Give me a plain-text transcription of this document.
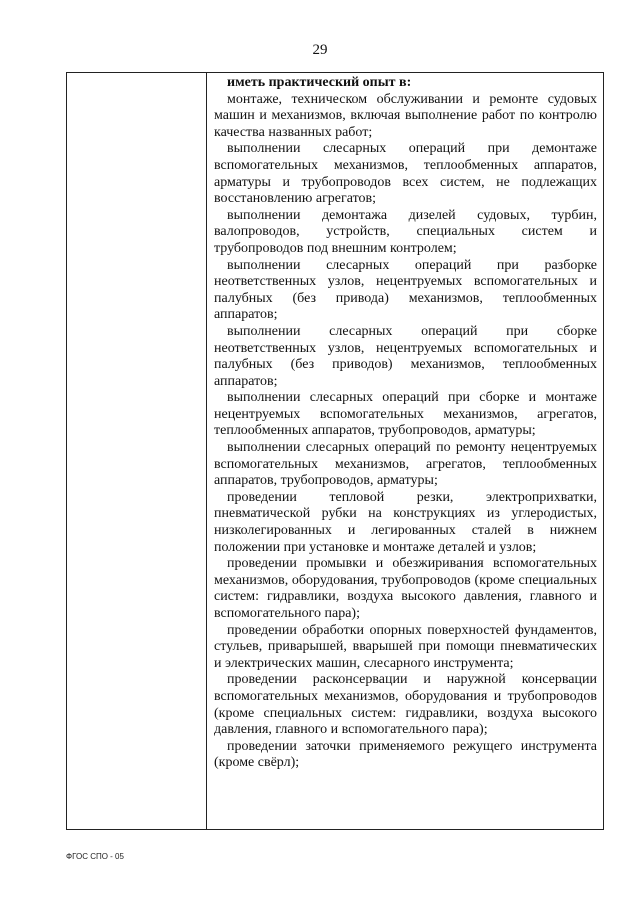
29

иметь практический опыт в:

монтаже, техническом обслуживании и ремонте судовых машин и механизмов, включая выполнение работ по контролю качества названных работ;

выполнении слесарных операций при демонтаже вспомогательных механизмов, теплообменных аппаратов, арматуры и трубопроводов всех систем, не подлежащих восстановлению агрегатов;

выполнении демонтажа дизелей судовых, турбин, валопроводов, устройств, специальных систем и трубопроводов под внешним контролем;

выполнении слесарных операций при разборке неответственных узлов, нецентруемых вспомогательных и палубных (без привода) механизмов, теплообменных аппаратов;

выполнении слесарных операций при сборке неответственных узлов, нецентруемых вспомогательных и палубных (без приводов) механизмов, теплообменных аппаратов;

выполнении слесарных операций при сборке и монтаже нецентруемых вспомогательных механизмов, агрегатов, теплообменных аппаратов, трубопроводов, арматуры;

выполнении слесарных операций по ремонту нецентруемых вспомогательных механизмов, агрегатов, теплообменных аппаратов, трубопроводов, арматуры;

проведении тепловой резки, электроприхватки, пневматической рубки на конструкциях из углеродистых, низколегированных и легированных сталей в нижнем положении при установке и монтаже деталей и узлов;

проведении промывки и обезжиривания вспомогательных механизмов, оборудования, трубопроводов (кроме специальных систем: гидравлики, воздуха высокого давления, главного и вспомогательного пара);

проведении обработки опорных поверхностей фундаментов, стульев, приварышей, вварышей при помощи пневматических и электрических машин, слесарного инструмента;

проведении расконсервации и наружной консервации вспомогательных механизмов, оборудования и трубопроводов (кроме специальных систем: гидравлики, воздуха высокого давления, главного и вспомогательного пара);

проведении заточки применяемого режущего инструмента (кроме свёрл);

ФГОС СПО - 05
